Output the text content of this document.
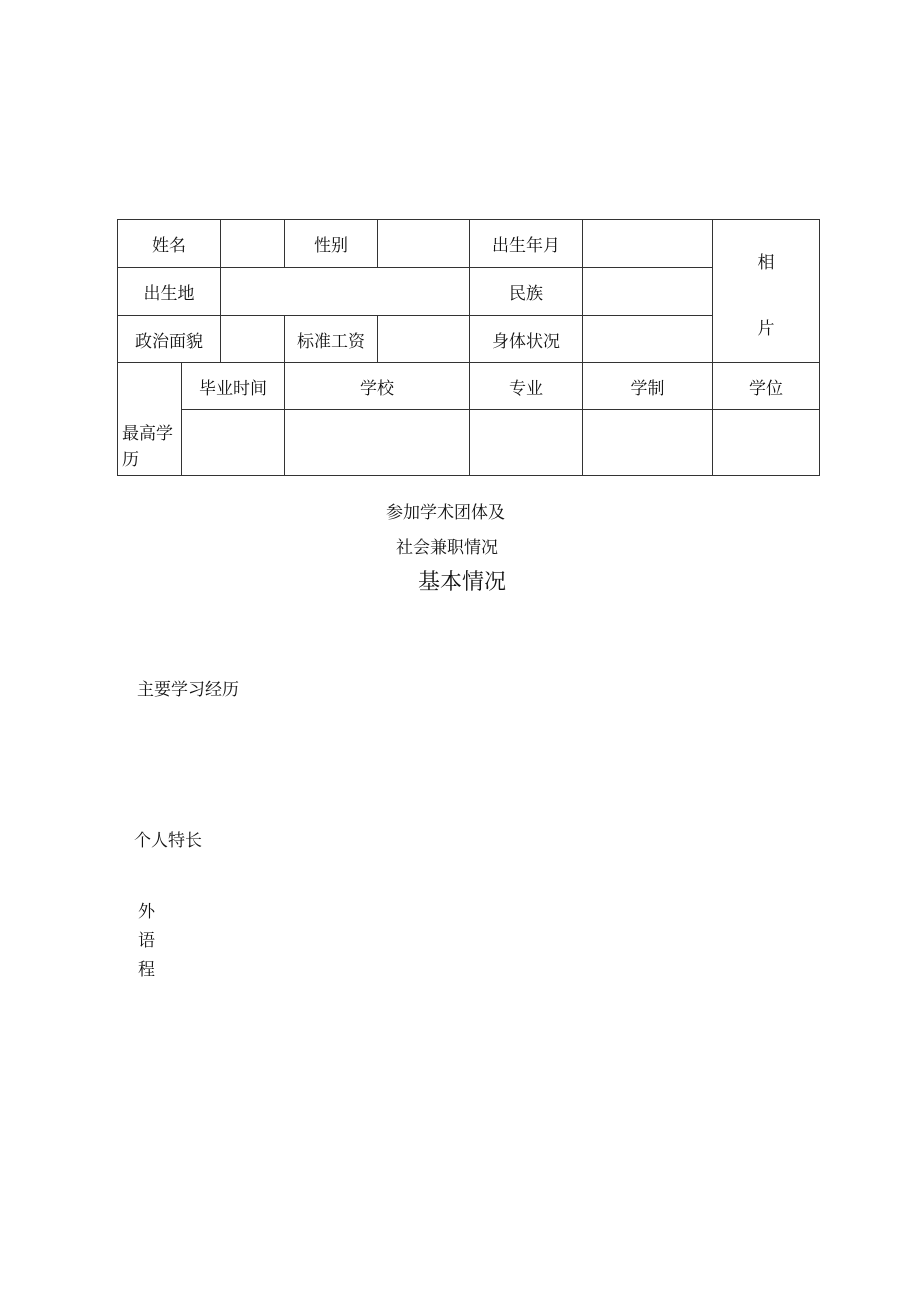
姓名			性别		出生年月		相
片

出生地					民族		
政治面貌			标准工资		身体状况		
最高学
历	毕业时间		学校		专业	学制	学位

参加学术团体及
社会兼职情况
基本情况
主要学习经历
个人特长
外
语
程
